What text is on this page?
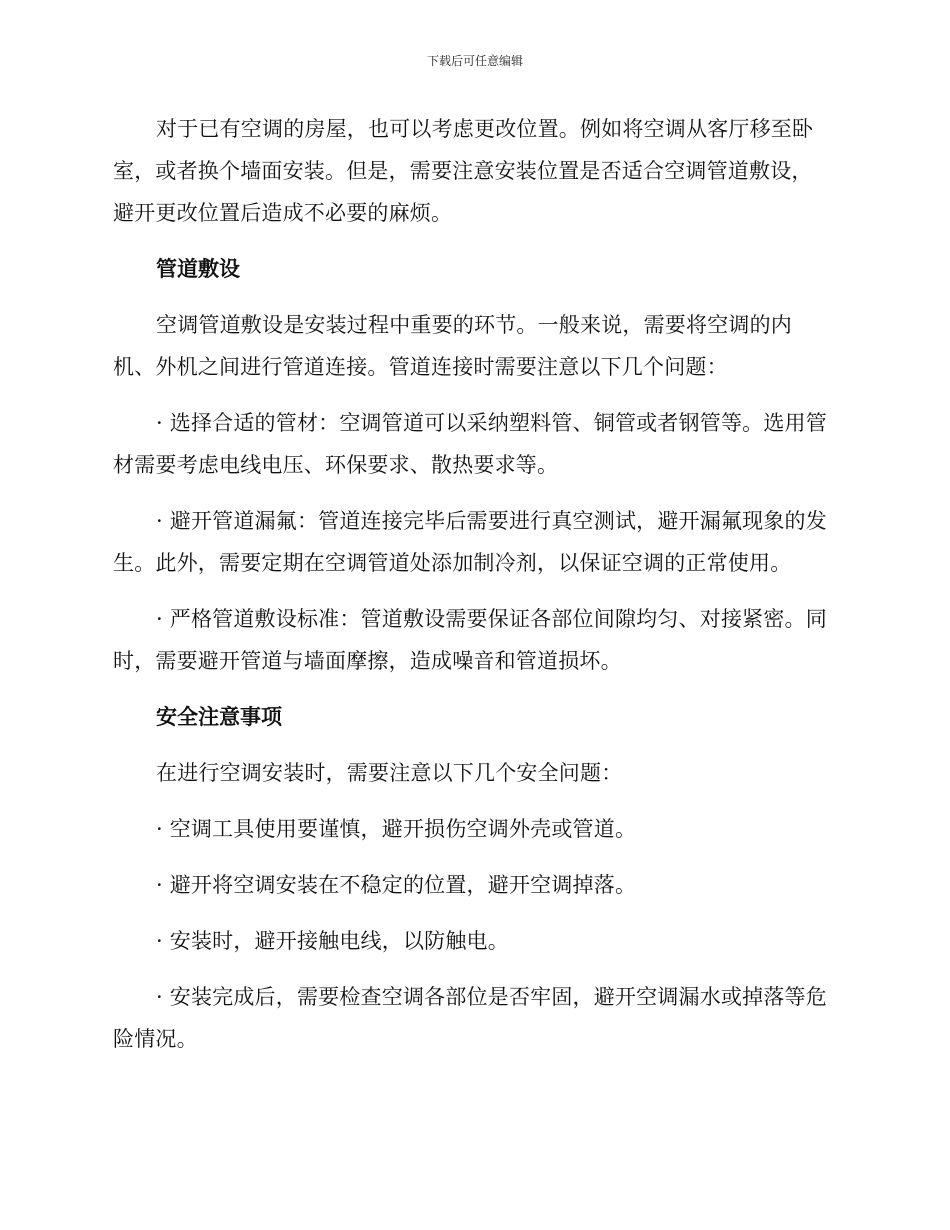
下载后可任意编辑

对于已有空调的房屋，也可以考虑更改位置。例如将空调从客厅移至卧室，或者换个墙面安装。但是，需要注意安装位置是否适合空调管道敷设，避开更改位置后造成不必要的麻烦。

管道敷设

空调管道敷设是安装过程中重要的环节。一般来说，需要将空调的内机、外机之间进行管道连接。管道连接时需要注意以下几个问题：

· 选择合适的管材：空调管道可以采纳塑料管、铜管或者钢管等。选用管材需要考虑电线电压、环保要求、散热要求等。

· 避开管道漏氟：管道连接完毕后需要进行真空测试，避开漏氟现象的发生。此外，需要定期在空调管道处添加制冷剂，以保证空调的正常使用。

· 严格管道敷设标准：管道敷设需要保证各部位间隙均匀、对接紧密。同时，需要避开管道与墙面摩擦，造成噪音和管道损坏。

安全注意事项

在进行空调安装时，需要注意以下几个安全问题：

· 空调工具使用要谨慎，避开损伤空调外壳或管道。

· 避开将空调安装在不稳定的位置，避开空调掉落。

· 安装时，避开接触电线，以防触电。

· 安装完成后，需要检查空调各部位是否牢固，避开空调漏水或掉落等危险情况。
